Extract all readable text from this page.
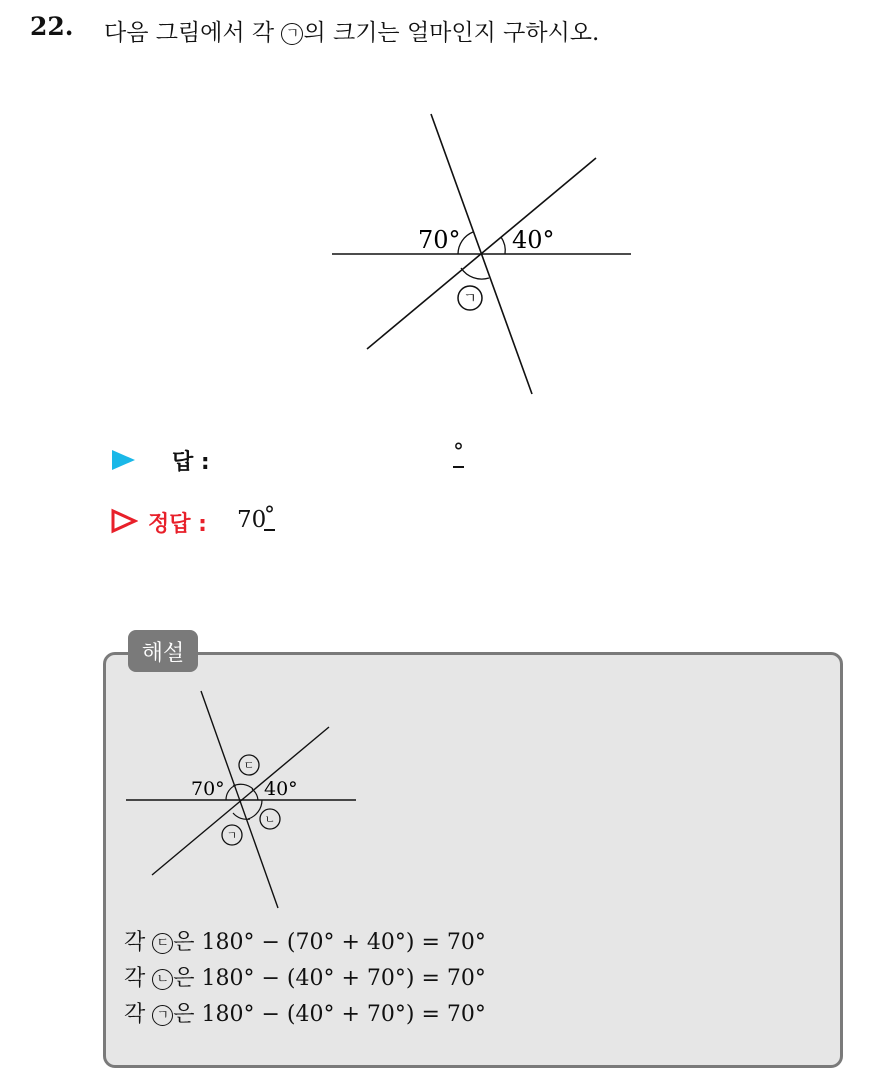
22. 다음 그림에서 각 ㄱ 의 크기는 얼마인지 구하시오.
70° 40°
ㄱ
답 :	°
정답 : 70
°
해설
70° 40°
ㄷ
ㄴ
ㄱ
각 ㄷ 은 180° − (70° + 40°) = 70°
각 ㄴ 은 180° − (40° + 70°) = 70°
각 ㄱ 은 180° − (40° + 70°) = 70°
